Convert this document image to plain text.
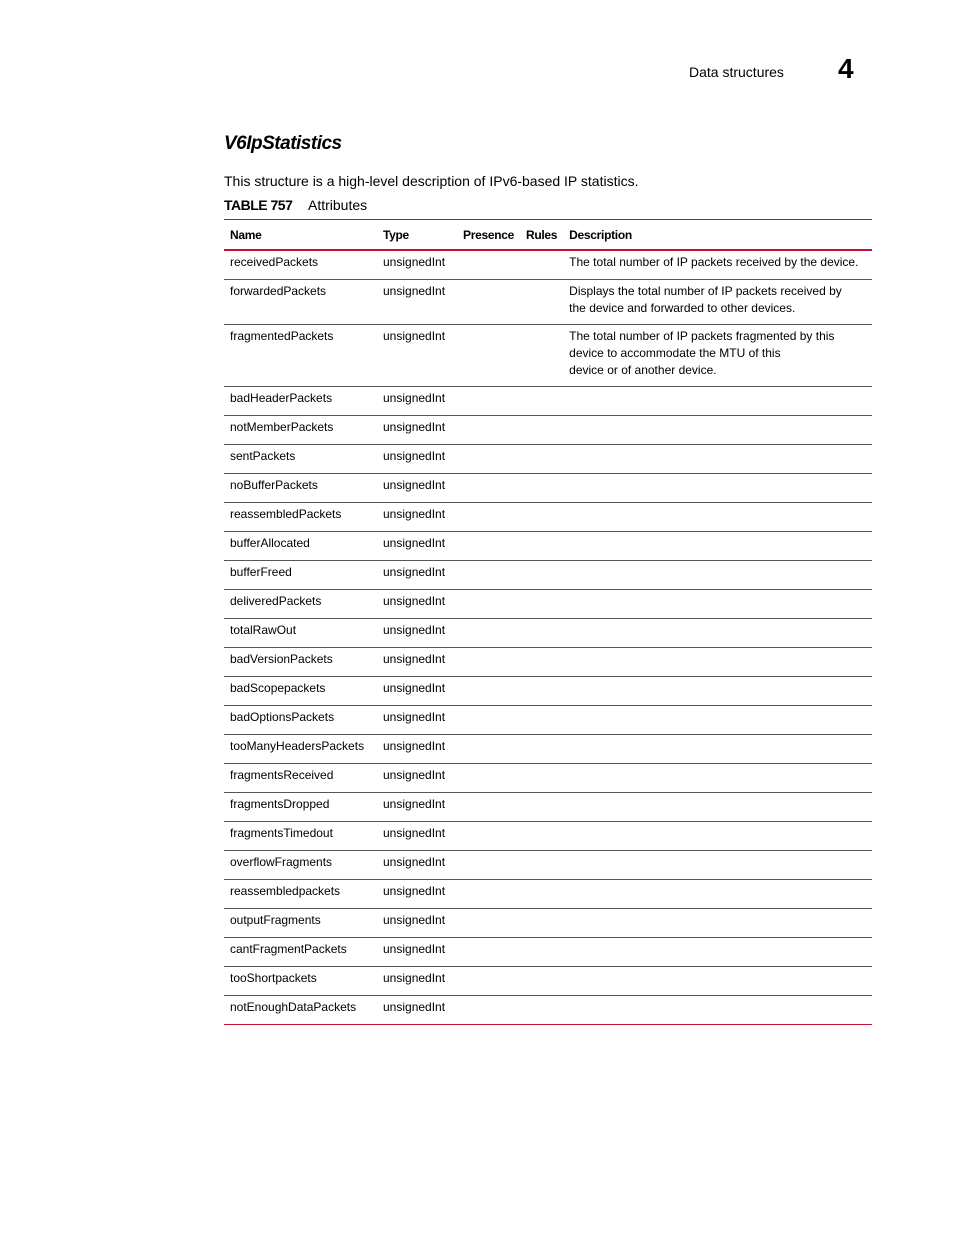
Data structures 4
V6IpStatistics
This structure is a high-level description of IPv6-based IP statistics.
TABLE 757 Attributes
Name	Type	Presence	Rules	Description
receivedPackets	unsignedInt			The total number of IP packets received by the device.

forwardedPackets	unsignedInt			Displays the total number of IP packets received by
the device and forwarded to other devices.

fragmentedPackets	unsignedInt			The total number of IP packets fragmented by this
device to accommodate the MTU of this
device or of another device.

badHeaderPackets	unsignedInt			
notMemberPackets	unsignedInt			
sentPackets	unsignedInt			
noBufferPackets	unsignedInt			
reassembledPackets	unsignedInt			
bufferAllocated	unsignedInt			
bufferFreed	unsignedInt			
deliveredPackets	unsignedInt			
totalRawOut	unsignedInt			
badVersionPackets	unsignedInt			
badScopepackets	unsignedInt			
badOptionsPackets	unsignedInt			
tooManyHeadersPackets	unsignedInt			
fragmentsReceived	unsignedInt			
fragmentsDropped	unsignedInt			
fragmentsTimedout	unsignedInt			
overflowFragments	unsignedInt			
reassembledpackets	unsignedInt			
outputFragments	unsignedInt			
cantFragmentPackets	unsignedInt			
tooShortpackets	unsignedInt			
notEnoughDataPackets	unsignedInt			
